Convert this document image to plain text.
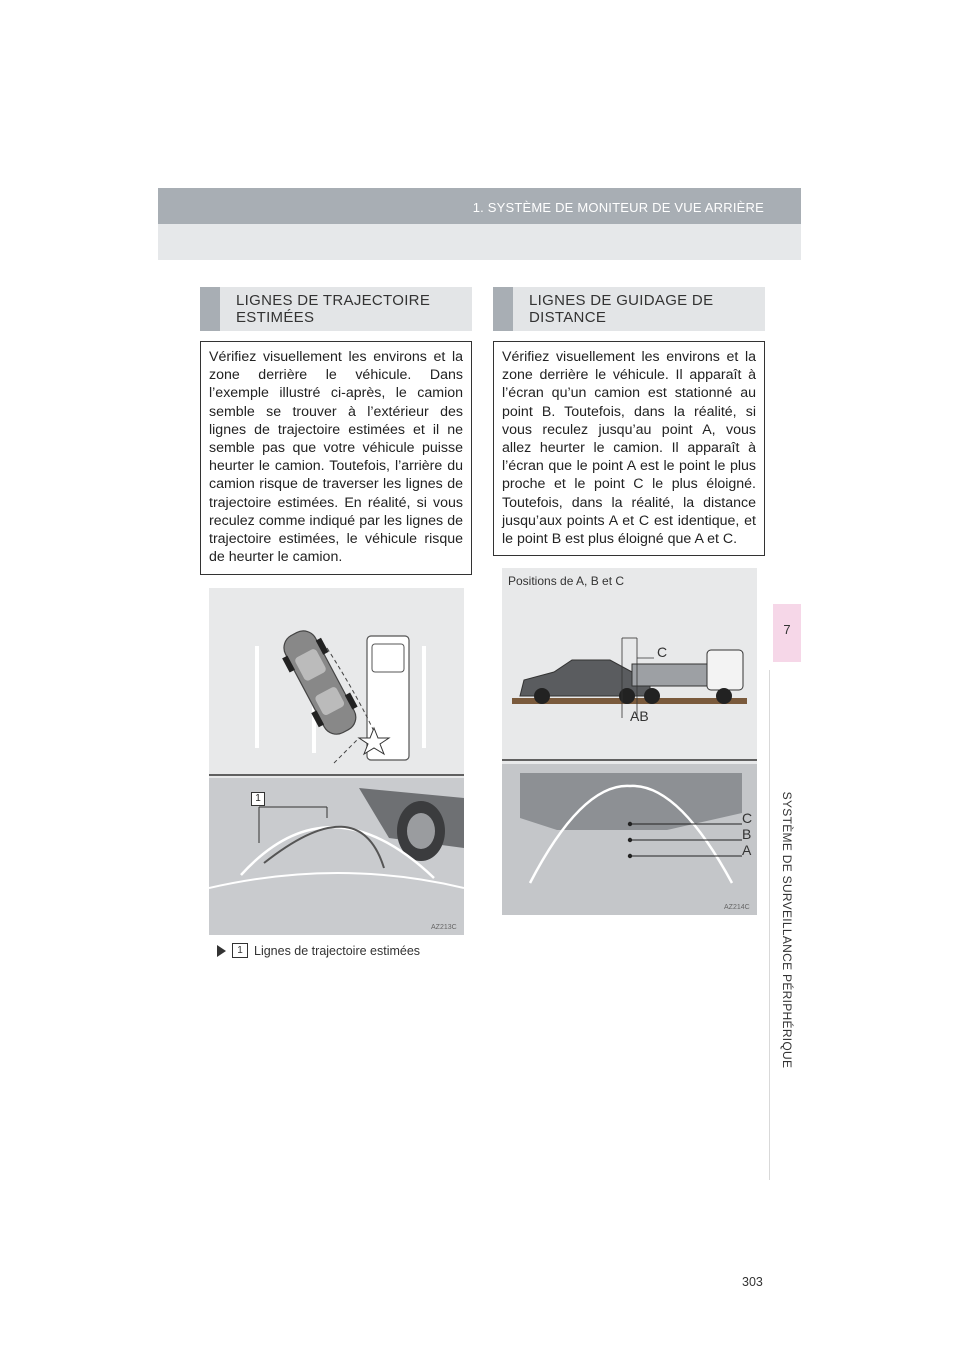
1. SYSTÈME DE MONITEUR DE VUE ARRIÈRE
7
SYSTÈME DE SURVEILLANCE PÉRIPHÉRIQUE
LIGNES DE TRAJECTOIRE
ESTIMÉES
LIGNES DE GUIDAGE DE
DISTANCE
Vérifiez visuellement les environs et la zone derrière le véhicule. Dans l’exemple illustré ci-après, le camion semble se trouver à l’extérieur des lignes de trajectoire estimées et il ne semble pas que votre véhicule puisse heurter le camion. Toutefois, l’arrière du camion risque de traverser les lignes de trajectoire estimées. En réalité, si vous reculez comme indiqué par les lignes de trajectoire estimées, le véhicule risque de heurter le camion.
Vérifiez visuellement les environs et la zone derrière le véhicule. Il apparaît à l’écran qu’un camion est stationné au point B. Toutefois, dans la réalité, si vous reculez jusqu’au point A, vous allez heurter le camion. Il apparaît à l’écran que le point A est le point le plus proche et le point C le plus éloigné. Toutefois, dans la réalité, la distance jusqu’aux points A et C est identique, et le point B est plus éloigné que A et C.
1
AZ213C
1 Lignes de trajectoire estimées
C
AB
C
B
A
AZ214C
Positions de A, B et C
303
